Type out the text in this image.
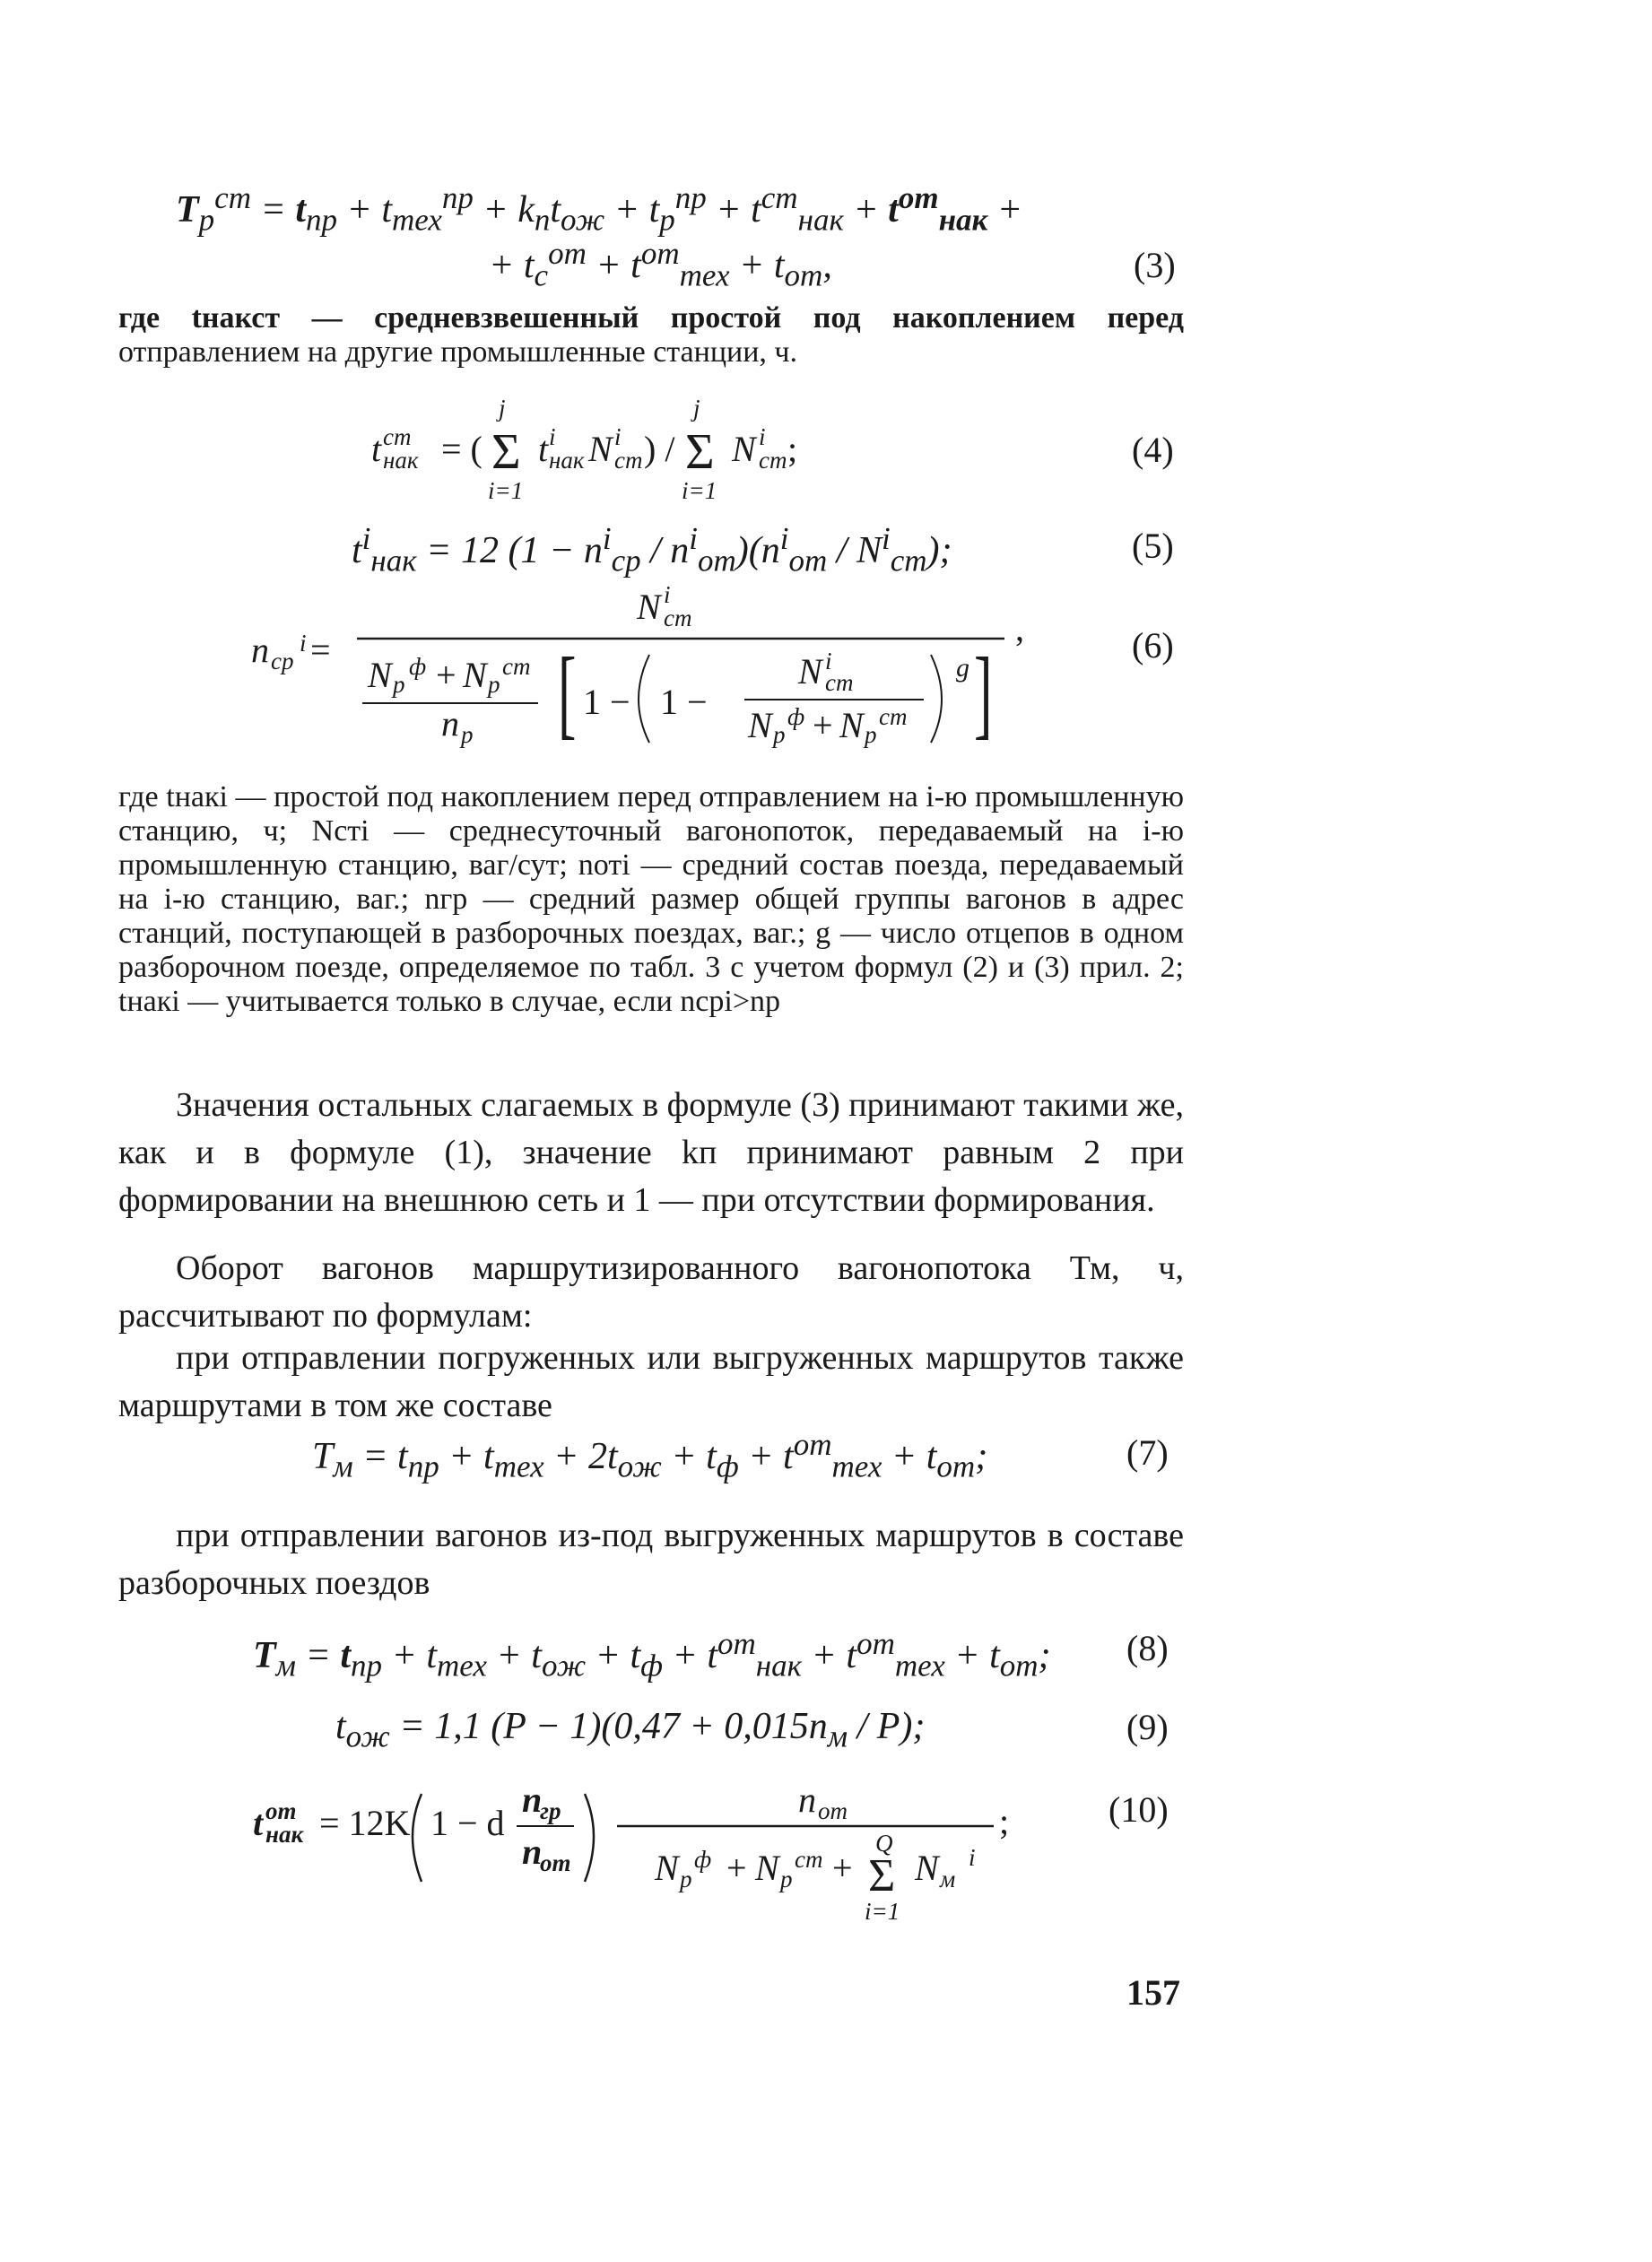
$T_р^{ст} = t_{пр} + t_{тех}^{пр} + k_пt_{ож} + t_р^{пр} + t^{ст}_{нак} + t^{от}_{нак}$ +
+ $t_с^{от} + t^{от}_{тех} + t_{от}$,	(3)
где tнакст — средневзвешенный простой под накоплением перед отправлением на другие промышленные станции, ч.
t ст
нак = (
j
Σ
i=1
t i
нак N i
ст ) /
j
Σ
i=1
N i
ст ;	(4)
$t^i_{нак} = 12$ $(1 - n^i_{ср} / n^i_{от})(n^i_{от} / N^i_{ст})$;	(5)
n ср
i =
N i
ст
N р
ф + N р
ст
n р [ 1 − 1 −
N i
ст
N р
ф + N р
ст
g ]
,	(6)
где tнакi — простой под накоплением перед отправлением на i-ю промышленную станцию, ч; Nстi — среднесуточный вагонопоток, передаваемый на i-ю промышленную станцию, ваг/сут; nотi — средний состав поезда, передаваемый на i-ю станцию, ваг.; nгр — средний размер общей группы вагонов в адрес станций, поступающей в разборочных поездах, ваг.; g — число отцепов в одном разборочном поезде, определяемое по табл. 3 с учетом формул (2) и (3) прил. 2; tнакi — учитывается только в случае, если nсрi>nр
Значения остальных слагаемых в формуле (3) принимают такими же, как и в формуле (1), значение kп принимают равным 2 при формировании на внешнюю сеть и 1 — при отсутствии формирования.
Оборот вагонов маршрутизированного вагонопотока Тм, ч, рассчитывают по формулам:
при отправлении погруженных или выгруженных маршрутов также маршрутами в том же составе
$T_м = t_{пр} + t_{тех} + 2t_{ож} + t_ф + t^{от}_{тех} + t_{от}$;	(7)
при отправлении вагонов из-под выгруженных маршрутов в составе разборочных поездов
$T_м = t_{пр} + t_{тех} + t_{ож} + t_ф + t^{от}_{нак} + t^{от}_{тех} + t_{от}$; (8)
$t_{ож} = 1,1$ $(P - 1)(0,47 + 0,015n_м / P)$;	(9)
t от
нак = 12K 1 − d
n
гр
n
от
n от	;
N р
ф + N р
ст +
Q
Σ
i=1
N м
i
(10)
157
